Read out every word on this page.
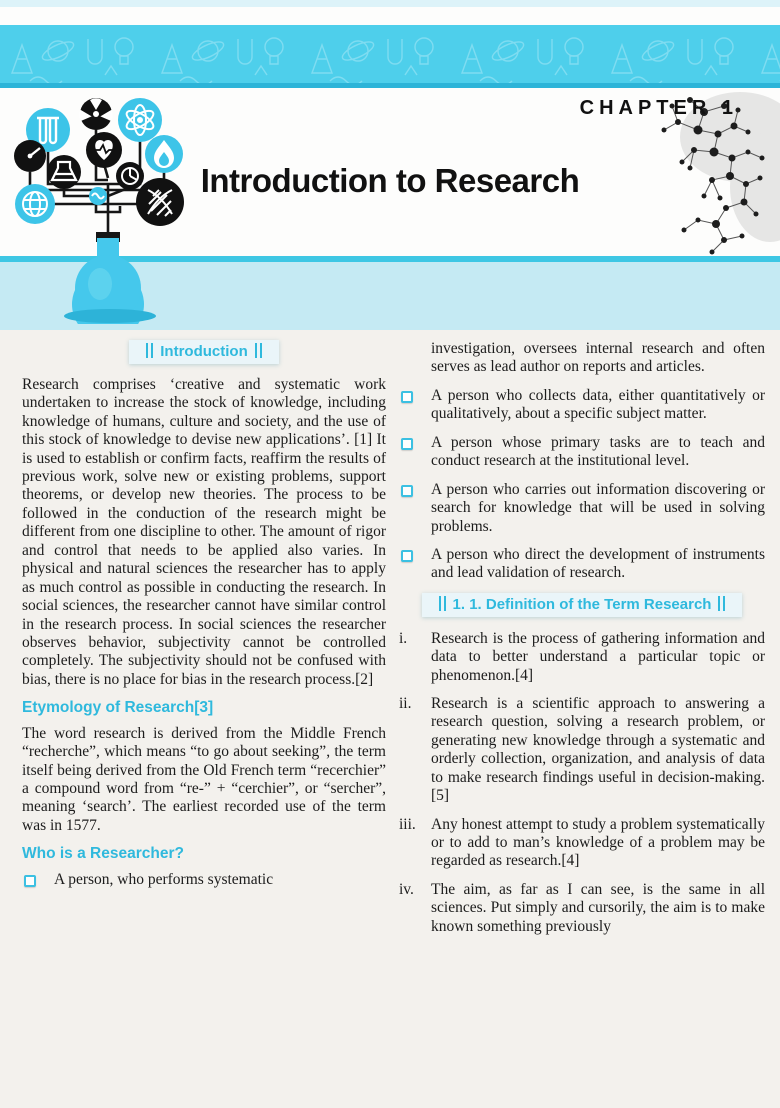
CHAPTER 1
Introduction to Research
Introduction

Research comprises ‘creative and systematic work undertaken to increase the stock of knowledge, including knowledge of humans, culture and society, and the use of this stock of knowledge to devise new applications’. [1] It is used to establish or confirm facts, reaffirm the results of previous work, solve new or existing problems, support theorems, or develop new theories. The process to be followed in the conduction of the research might be different from one discipline to other. The amount of rigor and control that needs to be applied also varies. In physical and natural sciences the researcher has to apply as much control as possible in conducting the research. In social sciences, the researcher cannot have similar control in the research process. In social sciences the researcher observes behavior, subjectivity cannot be controlled completely. The subjectivity should not be confused with bias, there is no place for bias in the research process.[2]

Etymology of Research[3]

The word research is derived from the Middle French “recherche”, which means “to go about seeking”, the term itself being derived from the Old French term “recerchier” a compound word from “re-” + “cerchier”, or “sercher”, meaning ‘search’. The earliest recorded use of the term was in 1577.

Who is a Researcher?
A person, who performs systematic

investigation, oversees internal research and often serves as lead author on reports and articles.

A person who collects data, either quantitatively or qualitatively, about a specific subject matter.
A person whose primary tasks are to teach and conduct research at the institutional level.
A person who carries out information discovering or search for knowledge that will be used in solving problems.
A person who direct the development of instruments and lead validation of research.
1. 1. Definition of the Term Research
i.	Research is the process of gathering information and data to better understand a particular topic or phenomenon.[4]
ii.	Research is a scientific approach to answering a research question, solving a research problem, or generating new knowledge through a systematic and orderly collection, organization, and analysis of data to make research findings useful in decision-making.[5]
iii. Any honest attempt to study a problem systematically or to add to man’s knowledge of a problem may be regarded as research.[4]
iv.	The aim, as far as I can see, is the same in all sciences. Put simply and cursorily, the aim is to make known something previously
